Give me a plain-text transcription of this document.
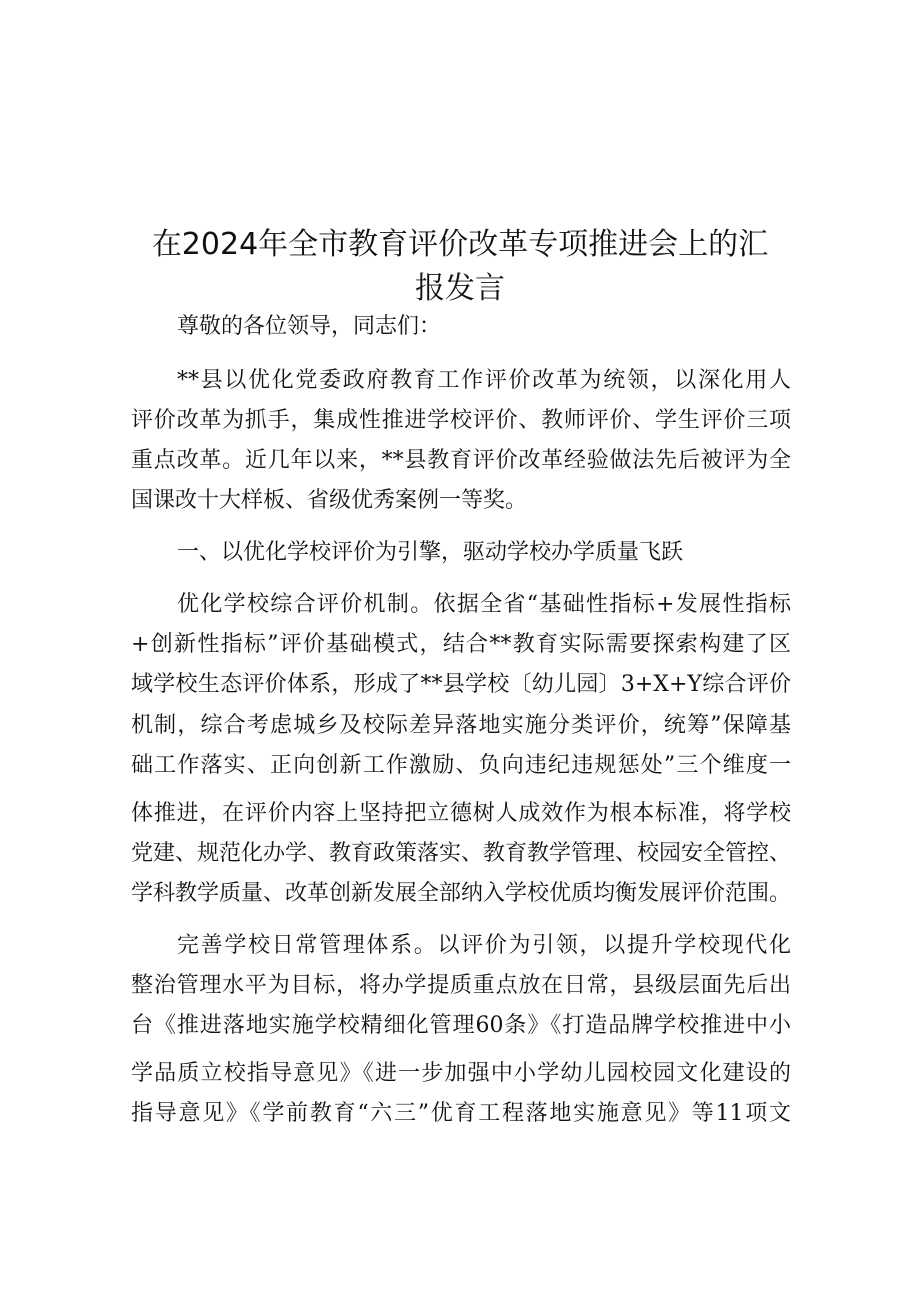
在2024年全市教育评价改革专项推进会上的汇
报发言
尊敬的各位领导，同志们：
**县以优化党委政府教育工作评价改革为统领，以深化用人
评价改革为抓手，集成性推进学校评价、教师评价、学生评价三项
重点改革。近几年以来，**县教育评价改革经验做法先后被评为全
国课改十大样板、省级优秀案例一等奖。
一、以优化学校评价为引擎，驱动学校办学质量飞跃
优化学校综合评价机制。依据全省“基础性指标+发展性指标
+创新性指标”评价基础模式，结合**教育实际需要探索构建了区
域学校生态评价体系，形成了**县学校〔幼儿园〕3+X+Y综合评价
机制，综合考虑城乡及校际差异落地实施分类评价，统筹”保障基
础工作落实、正向创新工作激励、负向违纪违规惩处”三个维度一
体推进，在评价内容上坚持把立德树人成效作为根本标准，将学校
党建、规范化办学、教育政策落实、教育教学管理、校园安全管控、
学科教学质量、改革创新发展全部纳入学校优质均衡发展评价范围。
完善学校日常管理体系。以评价为引领，以提升学校现代化
整治管理水平为目标，将办学提质重点放在日常，县级层面先后出
台《推进落地实施学校精细化管理60条》《打造品牌学校推进中小
学品质立校指导意见》《进一步加强中小学幼儿园校园文化建设的
指导意见》《学前教育“六三”优育工程落地实施意见》等11项文
